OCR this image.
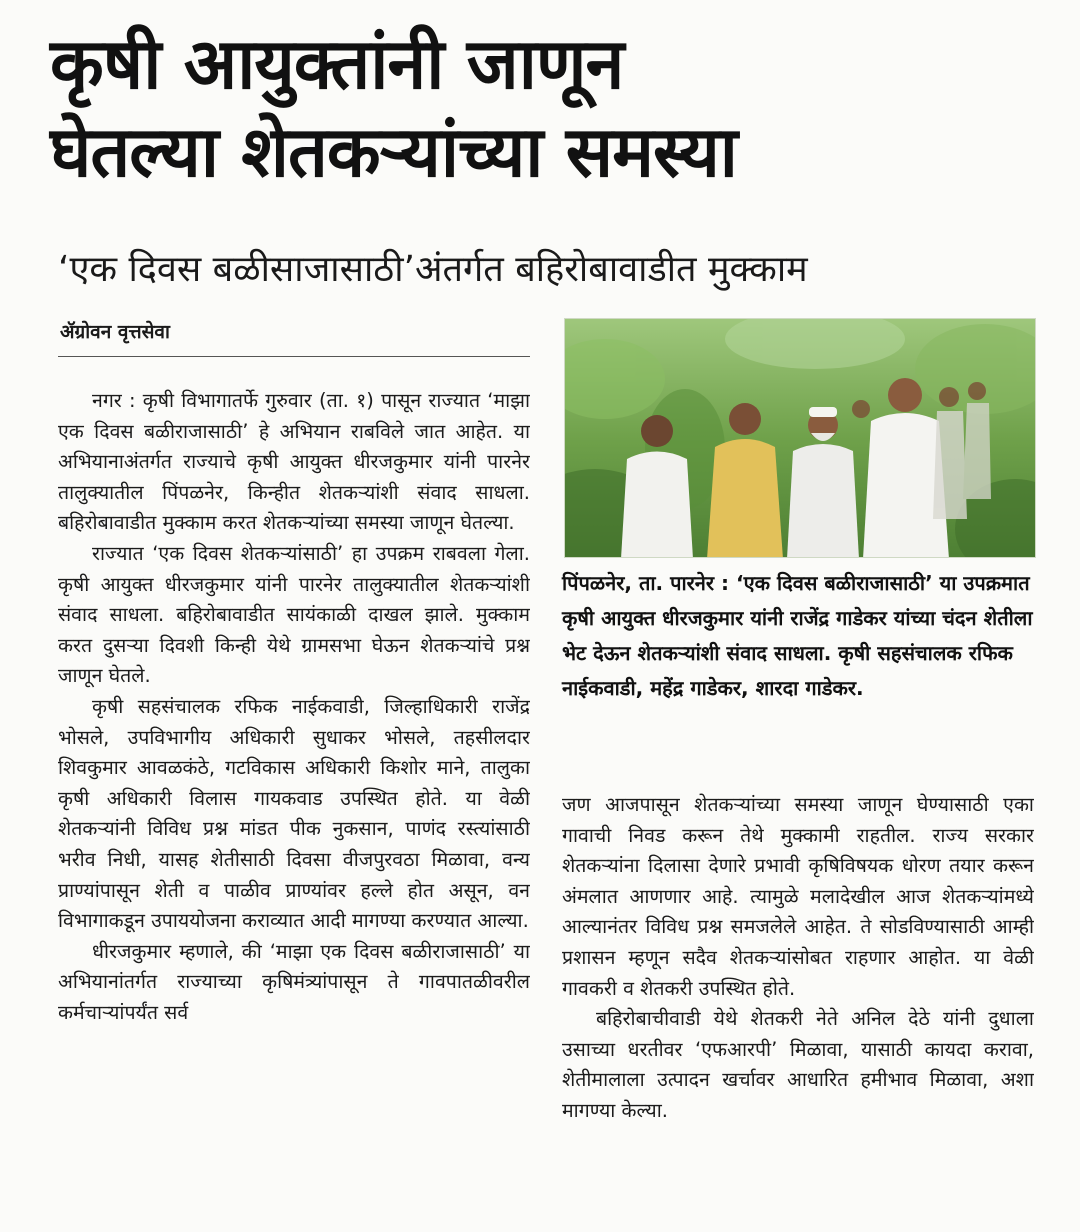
कृषी आयुक्तांनी जाणून
घेतल्या शेतकऱ्यांच्या समस्या
‘एक दिवस बळीसाजासाठी’अंतर्गत बहिरोबावाडीत मुक्काम
ॲग्रोवन वृत्तसेवा

नगर : कृषी विभागातर्फे गुरुवार (ता. १) पासून राज्यात ‘माझा एक दिवस बळीराजासाठी’ हे अभियान राबविले जात आहेत. या अभियानाअंतर्गत राज्याचे कृषी आयुक्त धीरजकुमार यांनी पारनेर तालुक्यातील पिंपळनेर, किन्हीत शेतकऱ्यांशी संवाद साधला. बहिरोबावाडीत मुक्काम करत शेतकऱ्यांच्या समस्या जाणून घेतल्या.

राज्यात ‘एक दिवस शेतकऱ्यांसाठी’ हा उपक्रम राबवला गेला. कृषी आयुक्त धीरजकुमार यांनी पारनेर तालुक्यातील शेतकऱ्यांशी संवाद साधला. बहिरोबावाडीत सायंकाळी दाखल झाले. मुक्काम करत दुसऱ्या दिवशी किन्ही येथे ग्रामसभा घेऊन शेतकऱ्यांचे प्रश्न जाणून घेतले.

कृषी सहसंचालक रफिक नाईकवाडी, जिल्हाधिकारी राजेंद्र भोसले, उपविभागीय अधिकारी सुधाकर भोसले, तहसीलदार शिवकुमार आवळकंठे, गटविकास अधिकारी किशोर माने, तालुका कृषी अधिकारी विलास गायकवाड उपस्थित होते. या वेळी शेतकऱ्यांनी विविध प्रश्न मांडत पीक नुकसान, पाणंद रस्त्यांसाठी भरीव निधी, यासह शेतीसाठी दिवसा वीजपुरवठा मिळावा, वन्य प्राण्यांपासून शेती व पाळीव प्राण्यांवर हल्ले होत असून, वन विभागाकडून उपाययोजना कराव्यात आदी मागण्या करण्यात आल्या.

धीरजकुमार म्हणाले, की ‘माझा एक दिवस बळीराजासाठी’ या अभियानांतर्गत राज्याच्या कृषिमंत्र्यांपासून ते गावपातळीवरील कर्मचाऱ्यांपर्यंत सर्व

पिंपळनेर, ता. पारनेर : ‘एक दिवस बळीराजासाठी’ या उपक्रमात कृषी आयुक्त धीरजकुमार यांनी राजेंद्र गाडेकर यांच्या चंदन शेतीला भेट देऊन शेतकऱ्यांशी संवाद साधला. कृषी सहसंचालक रफिक नाईकवाडी, महेंद्र गाडेकर, शारदा गाडेकर.

जण आजपासून शेतकऱ्यांच्या समस्या जाणून घेण्यासाठी एका गावाची निवड करून तेथे मुक्कामी राहतील. राज्य सरकार शेतकऱ्यांना दिलासा देणारे प्रभावी कृषिविषयक धोरण तयार करून अंमलात आणणार आहे. त्यामुळे मलादेखील आज शेतकऱ्यांमध्ये आल्यानंतर विविध प्रश्न समजलेले आहेत. ते सोडविण्यासाठी आम्ही प्रशासन म्हणून सदैव शेतकऱ्यांसोबत राहणार आहोत. या वेळी गावकरी व शेतकरी उपस्थित होते.

बहिरोबाचीवाडी येथे शेतकरी नेते अनिल देठे यांनी दुधाला उसाच्या धरतीवर ‘एफआरपी’ मिळावा, यासाठी कायदा करावा, शेतीमालाला उत्पादन खर्चावर आधारित हमीभाव मिळावा, अशा मागण्या केल्या.
